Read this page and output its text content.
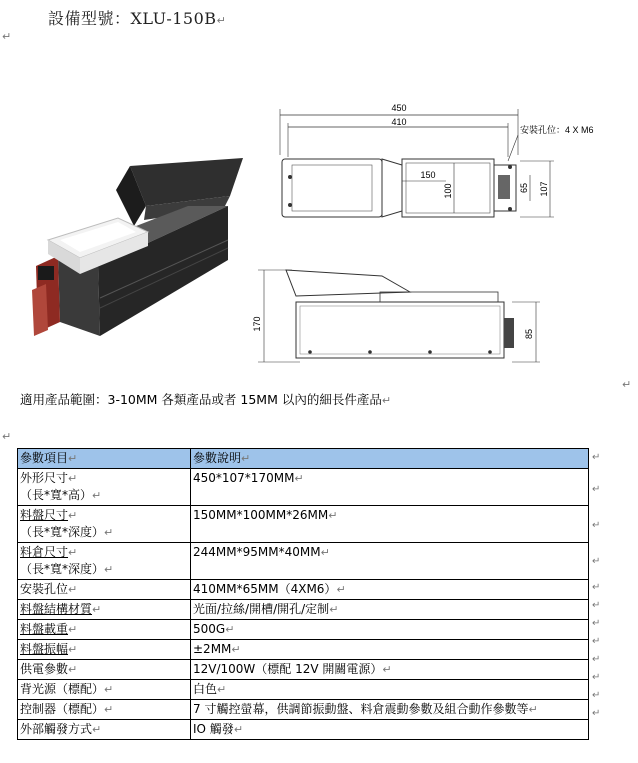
設備型號：XLU-150B↵
↵
450
410
安裝孔位：4 X M6
150
100	65 107
170
85
↵
適用產品範圍：3-10MM 各類產品或者 15MM 以內的細長件產品↵
↵
參數項目↵	參數說明↵
外形尺寸↵
（長*寬*高）↵	450*107*170MM↵
料盤尺寸↵
（長*寬*深度）↵	150MM*100MM*26MM↵
料倉尺寸↵
（長*寬*深度）↵	244MM*95MM*40MM↵
安裝孔位↵	410MM*65MM（4XM6）↵
料盤結構材質↵	光面/拉絲/開槽/開孔/定制↵
料盤載重↵	500G↵
料盤振幅↵	±2MM↵
供電參數↵	12V/100W（標配 12V 開關電源）↵
背光源（標配）↵	白色↵
控制器（標配）↵	7 寸觸控螢幕，供調節振動盤、料倉震動參數及組合動作參數等↵
外部觸發方式↵	IO 觸發↵
↵
↵
↵
↵
↵
↵
↵
↵
↵
↵
↵
↵
